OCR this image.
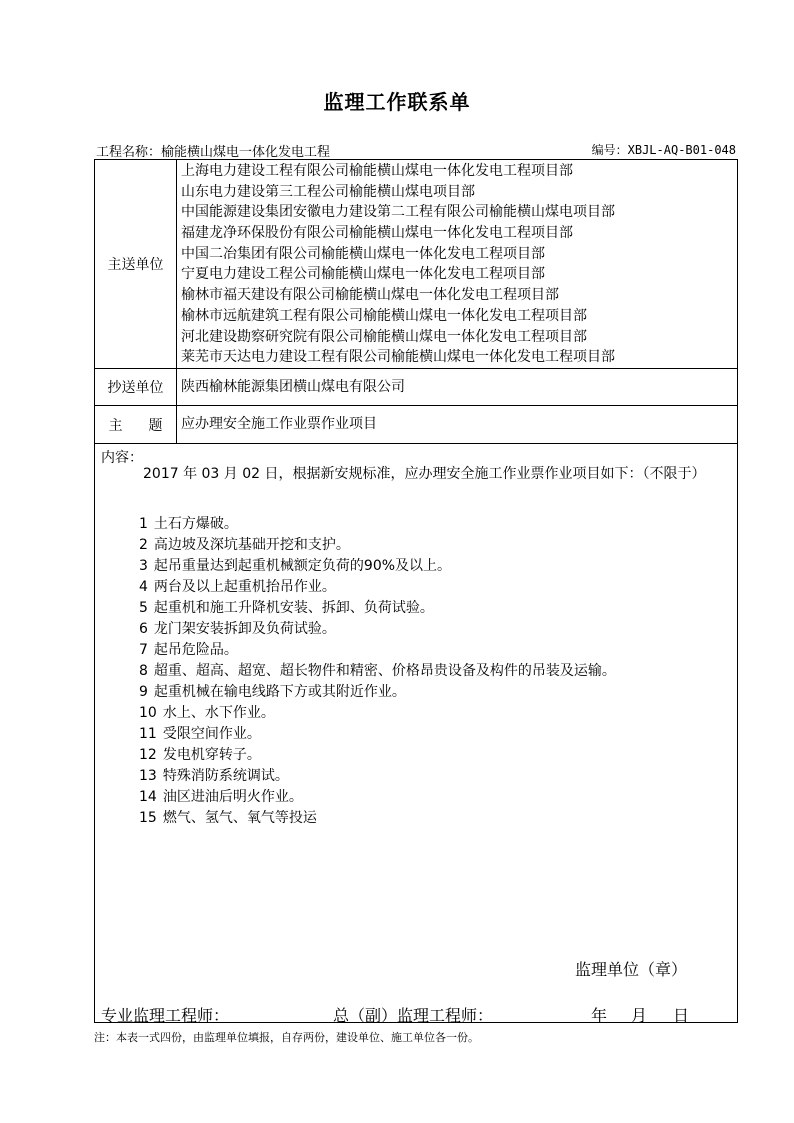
监理工作联系单
工程名称：榆能横山煤电一体化发电工程	编号：XBJL-AQ-B01-048
主送单位
上海电力建设工程有限公司榆能横山煤电一体化发电工程项目部
山东电力建设第三工程公司榆能横山煤电项目部
中国能源建设集团安徽电力建设第二工程有限公司榆能横山煤电项目部
福建龙净环保股份有限公司榆能横山煤电一体化发电工程项目部
中国二冶集团有限公司榆能横山煤电一体化发电工程项目部
宁夏电力建设工程公司榆能横山煤电一体化发电工程项目部
榆林市福天建设有限公司榆能横山煤电一体化发电工程项目部
榆林市远航建筑工程有限公司榆能横山煤电一体化发电工程项目部
河北建设勘察研究院有限公司榆能横山煤电一体化发电工程项目部
莱芜市天达电力建设工程有限公司榆能横山煤电一体化发电工程项目部
抄送单位	陕西榆林能源集团横山煤电有限公司
主 题 应办理安全施工作业票作业项目
内容：
2017 年 03 月 02 日，根据新安规标准，应办理安全施工作业票作业项目如下：（不限于）
1 土石方爆破。
2 高边坡及深坑基础开挖和支护。
3 起吊重量达到起重机械额定负荷的90%及以上。
4 两台及以上起重机抬吊作业。
5 起重机和施工升降机安装、拆卸、负荷试验。
6 龙门架安装拆卸及负荷试验。
7 起吊危险品。
8 超重、超高、超宽、超长物件和精密、价格昂贵设备及构件的吊装及运输。
9 起重机械在输电线路下方或其附近作业。
10 水上、水下作业。
11 受限空间作业。
12 发电机穿转子。
13 特殊消防系统调试。
14 油区进油后明火作业。
15 燃气、氢气、氧气等投运
监理单位（章）
专业监理工程师：	总（副）监理工程师：	年 月 日
注：本表一式四份，由监理单位填报，自存两份，建设单位、施工单位各一份。
